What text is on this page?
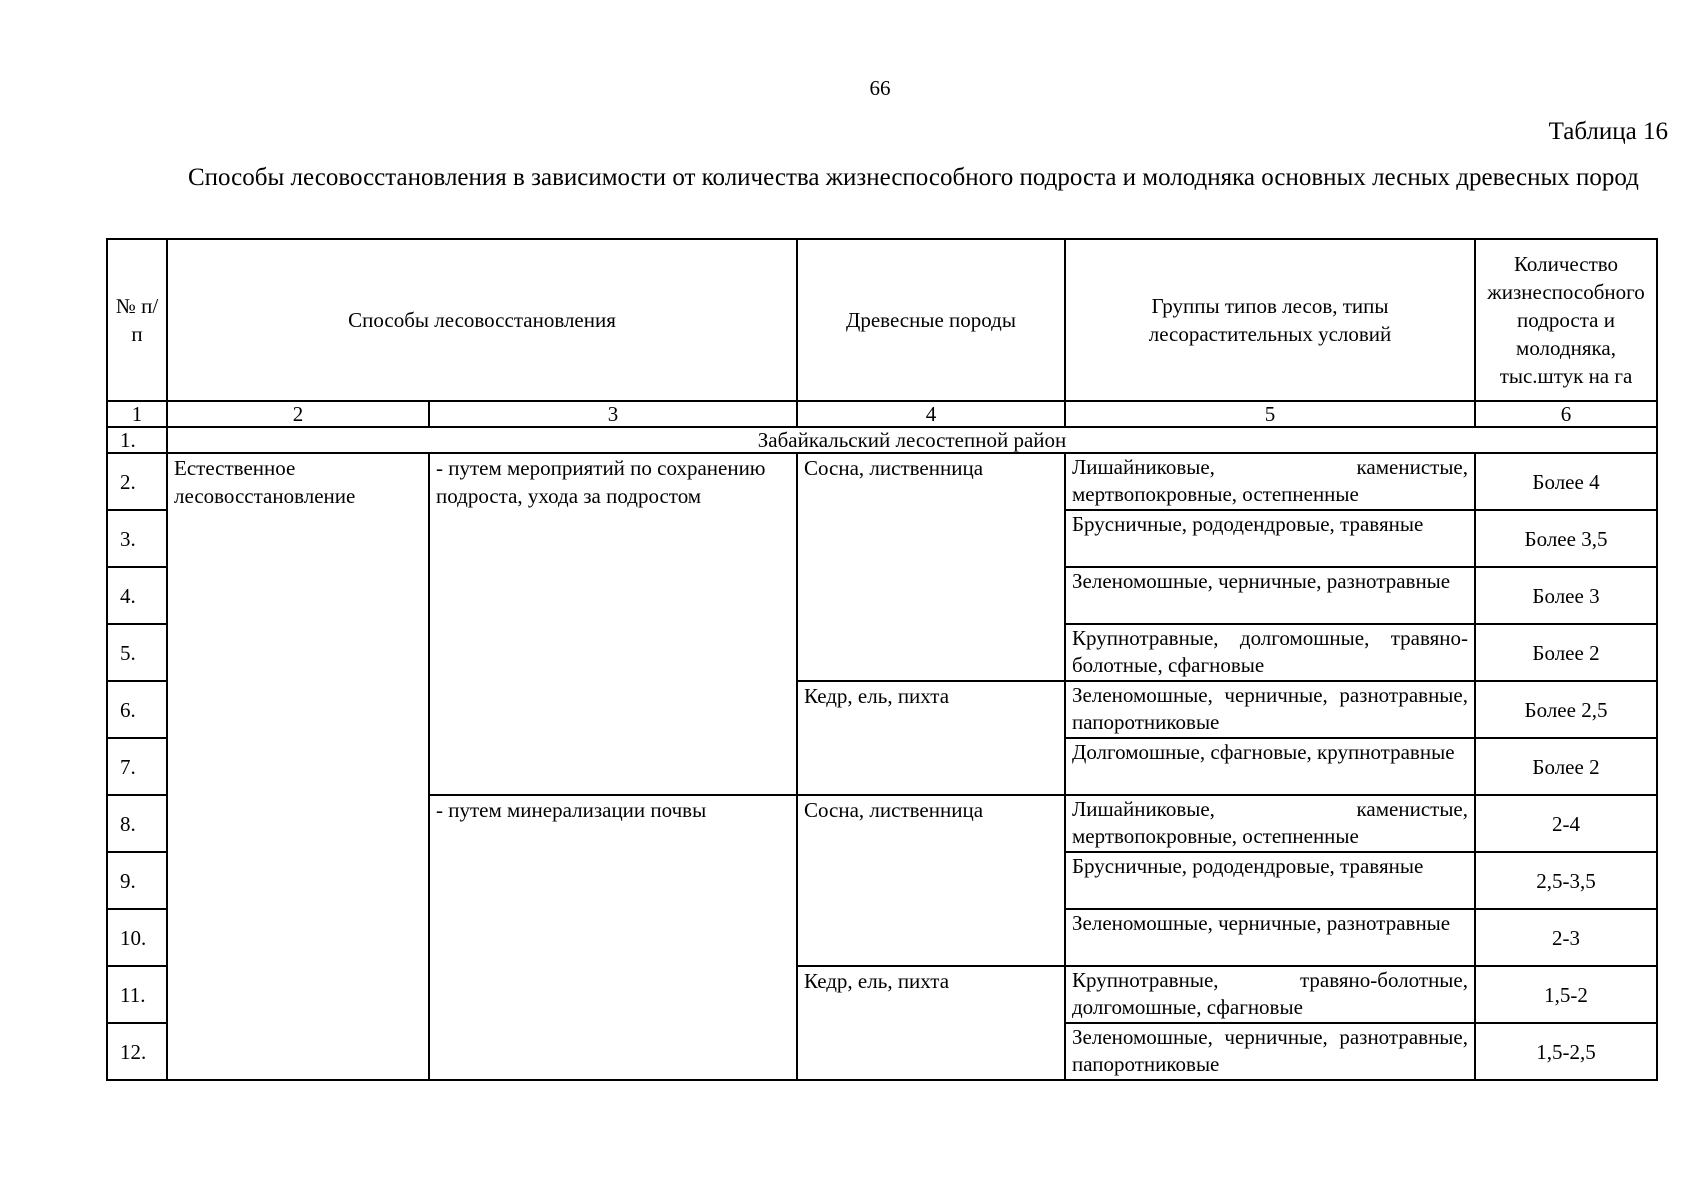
66
Таблица 16
Способы лесовосстановления в зависимости от количества жизнеспособного подроста и молодняка основных лесных древесных пород
№ п/п	Способы лесовосстановления		Древесные породы	Группы типов лесов, типы лесорастительных условий	Количество жизнеспособного подроста и молодняка, тыс.штук на га
1	2	3	4	5	6
1.	Забайкальский лесостепной район				
2.	Естественное лесовосстановление	- путем мероприятий по сохранению подроста, ухода за подростом	Сосна, лиственница	Лишайниковые, каменистые, мертвопокровные, остепненные	Более 4
3.				Брусничные, рододендровые, травяные	Более 3,5
4.				Зеленомошные, черничные, разнотравные	Более 3
5.				Крупнотравные, долгомошные, травяно-болотные, сфагновые	Более 2
6.			Кедр, ель, пихта	Зеленомошные, черничные, разнотравные, папоротниковые	Более 2,5
7.				Долгомошные, сфагновые, крупнотравные	Более 2
8.		- путем минерализации почвы	Сосна, лиственница	Лишайниковые, каменистые, мертвопокровные, остепненные	2-4
9.				Брусничные, рододендровые, травяные	2,5-3,5
10.				Зеленомошные, черничные, разнотравные	2-3
11.			Кедр, ель, пихта	Крупнотравные, травяно-болотные, долгомошные, сфагновые	1,5-2
12.				Зеленомошные, черничные, разнотравные, папоротниковые	1,5-2,5
